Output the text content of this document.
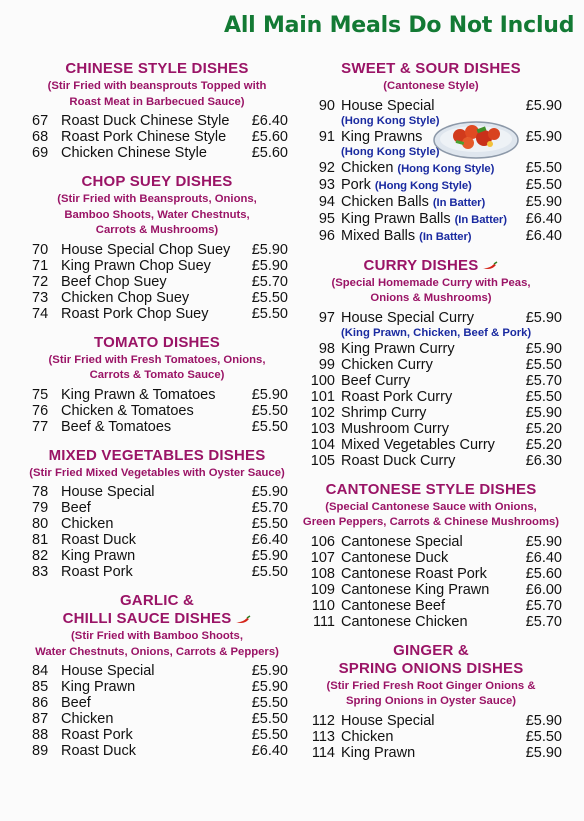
All Main Meals Do Not Includ
CHINESE STYLE DISHES
(Stir Fried with beansprouts Topped with
Roast Meat in Barbecued Sauce)
67 Roast Duck Chinese Style	£6.40
68 Roast Pork Chinese Style	£5.60
69 Chicken Chinese Style	£5.60
CHOP SUEY DISHES
(Stir Fried with Beansprouts, Onions,
Bamboo Shoots, Water Chestnuts,
Carrots & Mushrooms)
70 House Special Chop Suey	£5.90
71 King Prawn Chop Suey	£5.90
72 Beef Chop Suey	£5.70
73 Chicken Chop Suey	£5.50
74 Roast Pork Chop Suey	£5.50
TOMATO DISHES
(Stir Fried with Fresh Tomatoes, Onions,
Carrots & Tomato Sauce)
75 King Prawn & Tomatoes	£5.90
76 Chicken & Tomatoes	£5.50
77 Beef & Tomatoes	£5.50
MIXED VEGETABLES DISHES
(Stir Fried Mixed Vegetables with Oyster Sauce)
78 House Special	£5.90
79 Beef	£5.70
80 Chicken	£5.50
81 Roast Duck	£6.40
82 King Prawn	£5.90
83 Roast Pork	£5.50
GARLIC &
CHILLI SAUCE DISHES
(Stir Fried with Bamboo Shoots,
Water Chestnuts, Onions, Carrots & Peppers)
84 House Special	£5.90
85 King Prawn	£5.90
86 Beef	£5.50
87 Chicken	£5.50
88 Roast Pork	£5.50
89 Roast Duck	£6.40
SWEET & SOUR DISHES
(Cantonese Style)
90 House Special	£5.90
(Hong Kong Style)
91 King Prawns	£5.90
(Hong Kong Style)
92 Chicken (Hong Kong Style)	£5.50
93 Pork (Hong Kong Style)	£5.50
94 Chicken Balls (In Batter)	£5.90
95 King Prawn Balls (In Batter)	£6.40
96 Mixed Balls (In Batter)	£6.40
CURRY DISHES
(Special Homemade Curry with Peas,
Onions & Mushrooms)
97 House Special Curry	£5.90
(King Prawn, Chicken, Beef & Pork)
98 King Prawn Curry	£5.90
99 Chicken Curry	£5.50
100 Beef Curry	£5.70
101 Roast Pork Curry	£5.50
102 Shrimp Curry	£5.90
103 Mushroom Curry	£5.20
104 Mixed Vegetables Curry	£5.20
105 Roast Duck Curry	£6.30
CANTONESE STYLE DISHES
(Special Cantonese Sauce with Onions,
Green Peppers, Carrots & Chinese Mushrooms)
106 Cantonese Special	£5.90
107 Cantonese Duck	£6.40
108 Cantonese Roast Pork	£5.60
109 Cantonese King Prawn	£6.00
110 Cantonese Beef	£5.70
111 Cantonese Chicken	£5.70
GINGER &
SPRING ONIONS DISHES
(Stir Fried Fresh Root Ginger Onions &
Spring Onions in Oyster Sauce)
112 House Special	£5.90
113 Chicken	£5.50
114 King Prawn	£5.90
